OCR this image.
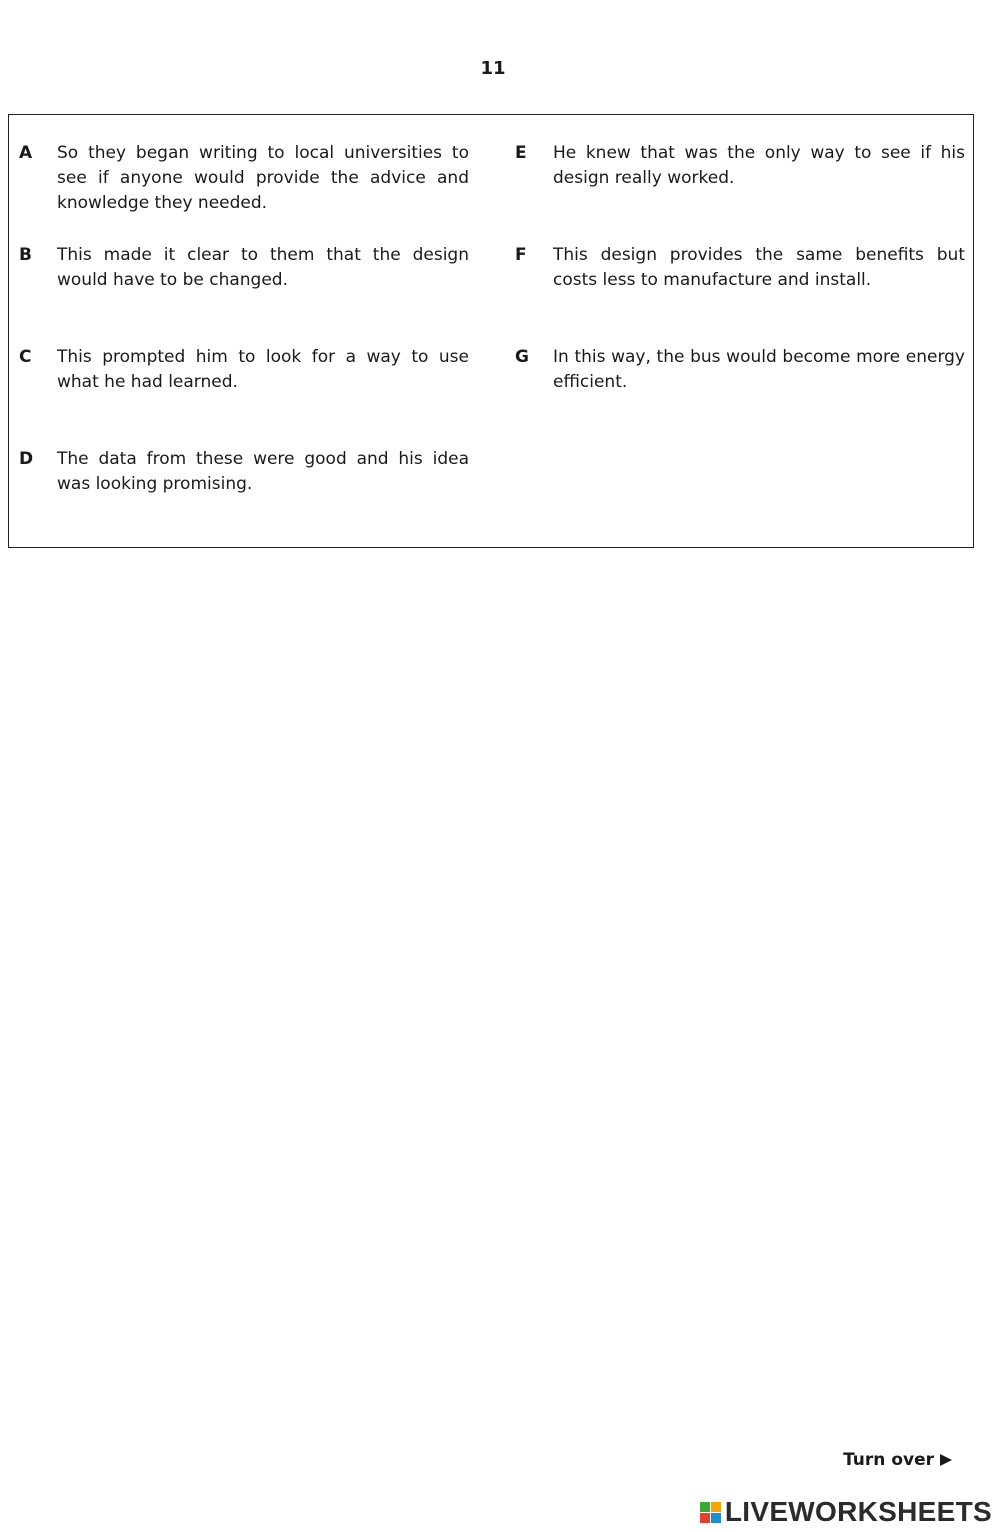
11
A So they began writing to local universities to see if anyone would provide the advice and knowledge they needed.
B This made it clear to them that the design would have to be changed.
C This prompted him to look for a way to use what he had learned.
D The data from these were good and his idea was looking promising.
E He knew that was the only way to see if his design really worked.
F This design provides the same benefits but costs less to manufacture and install.
G In this way, the bus would become more energy efficient.
Turn over
LIVEWORKSHEETS
